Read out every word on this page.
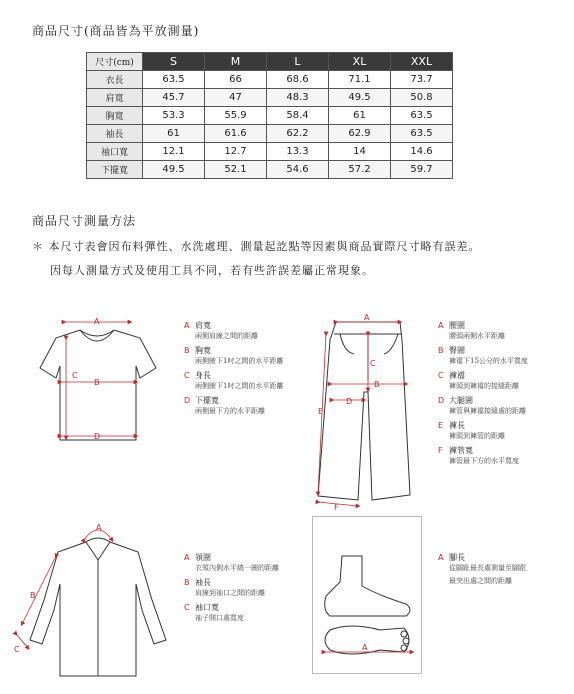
商品尺寸(商品皆為平放測量)
尺寸(cm)	S	M	L	XL	XXL
衣長	63.5	66	68.6	71.1	73.7
肩寬	45.7	47	48.3	49.5	50.8
胸寬	53.3	55.9	58.4	61	63.5
袖長	61	61.6	62.2	62.9	63.5
袖口寬	12.1	12.7	13.3	14	14.6
下擺寬	49.5	52.1	54.6	57.2	59.7
商品尺寸測量方法
＊ 本尺寸表會因布料彈性、水洗處理、測量起訖點等因素與商品實際尺寸略有誤差。
因每人測量方式及使用工具不同，若有些許誤差屬正常現象。
A
B
C
D
A
B
C
D
E
F
A
B
C	A
A 肩寬
兩側肩線之間的距離
B 胸寬
兩側腋下1吋之間的水平距離
C 身長
兩側腋下1吋之間的水平距離
D 下擺寬
兩側最下方的水平距離
A 腰圍
腰頭兩側水平距離
B 臀圍
褲襠下15公分的水平寬度
C 褲襠
褲頭到褲襠的接縫距離
D 大腿圍
褲管與褲襠接縫處的距離
E 褲長
褲頭到褲管的距離
F 褲管寬
褲管最下方的水平寬度
A 領圍
衣領內側水平繞一圈的距離
B 袖長
肩線到袖口之間的距離
C 袖口寬
袖子開口處寬度
A 腳長
從腳趾最長處測量至腳跟
最突出處之間的距離
